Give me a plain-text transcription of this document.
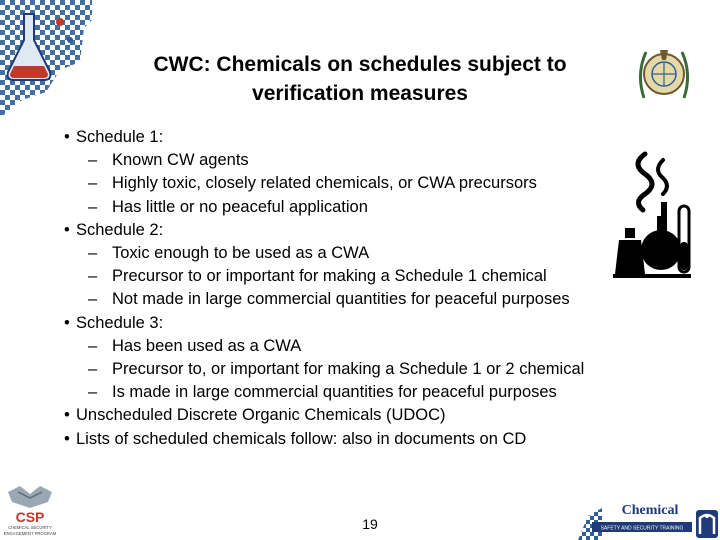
CWC: Chemicals on schedules subject to
verification measures
• Schedule 1:
– Known CW agents
– Highly toxic, closely related chemicals, or CWA precursors
– Has little or no peaceful application
• Schedule 2:
– Toxic enough to be used as a CWA
– Precursor to or important for making a Schedule 1 chemical
– Not made in large commercial quantities for peaceful purposes
• Schedule 3:
– Has been used as a CWA
– Precursor to, or important for making a Schedule 1 or 2 chemical
– Is made in large commercial quantities for peaceful purposes
• Unscheduled Discrete Organic Chemicals (UDOC)
• Lists of scheduled chemicals follow: also in documents on CD
CSP
CHEMICAL SECURITY
ENGAGEMENT PROGRAM
19
Chemical
SAFETY AND SECURITY TRAINING
